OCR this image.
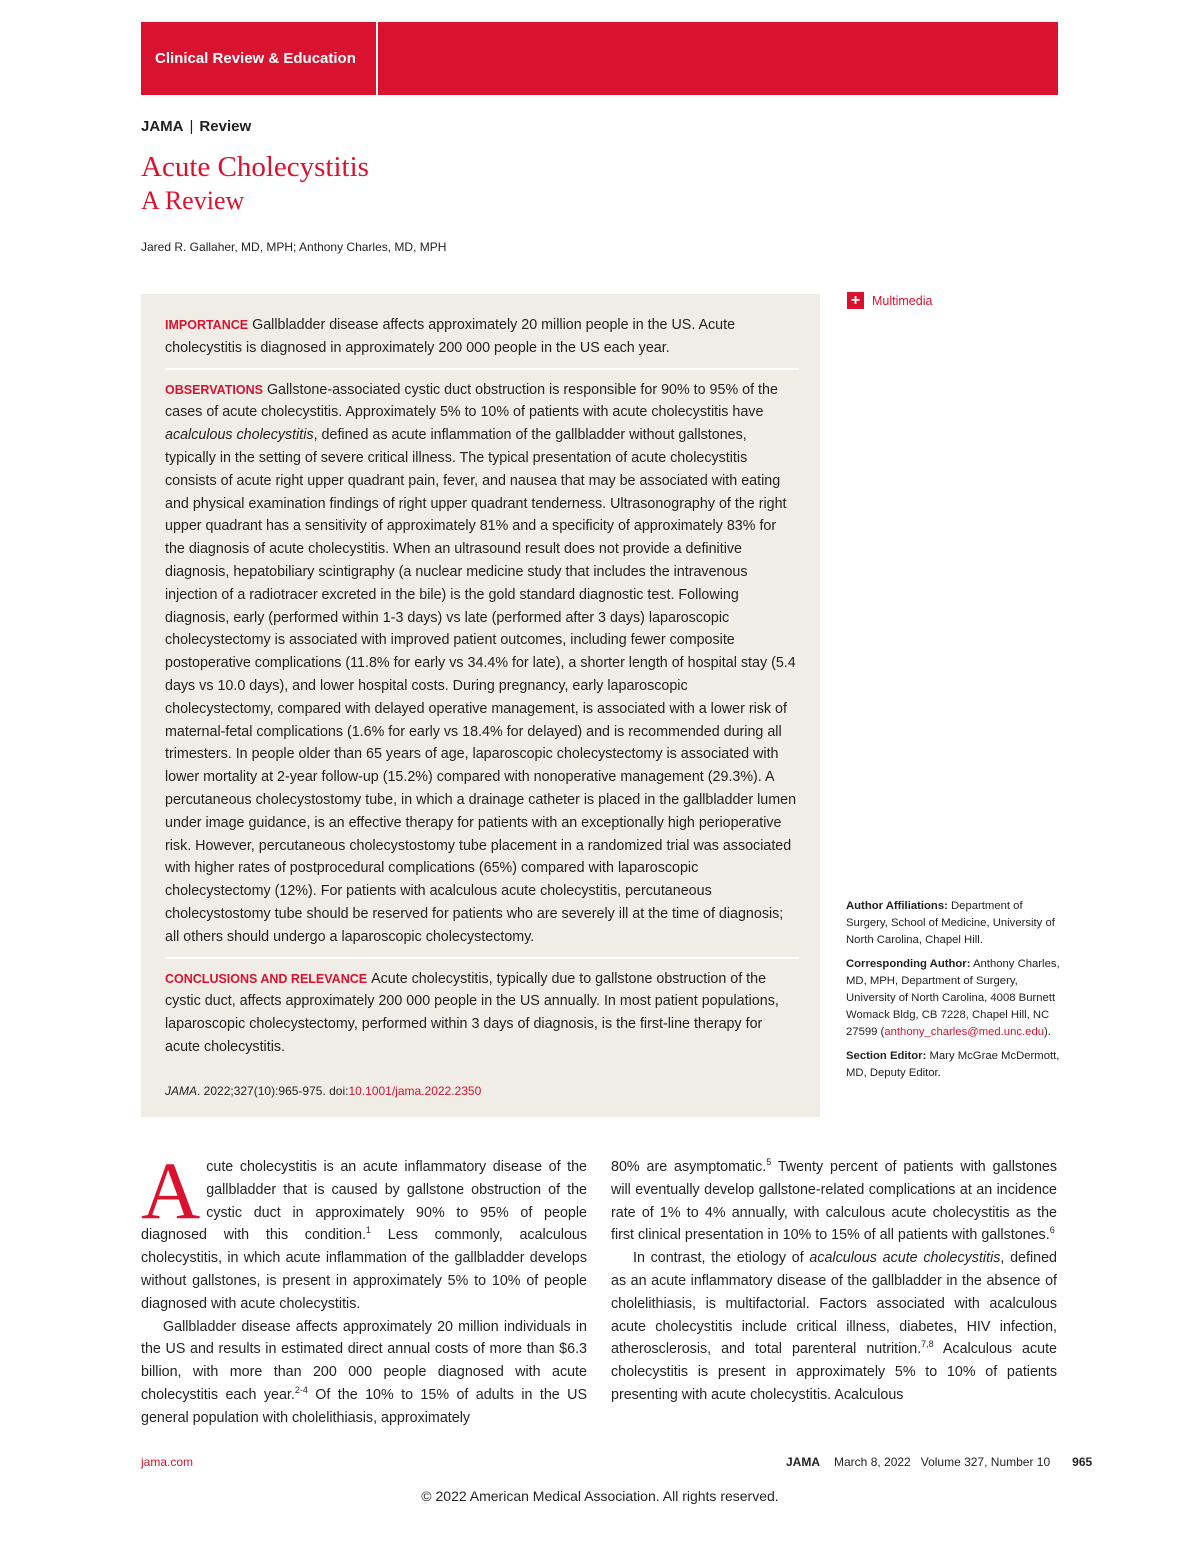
Clinical Review & Education
JAMA | Review
Acute Cholecystitis
A Review
Jared R. Gallaher, MD, MPH; Anthony Charles, MD, MPH

IMPORTANCE Gallbladder disease affects approximately 20 million people in the US. Acute cholecystitis is diagnosed in approximately 200 000 people in the US each year.

OBSERVATIONS Gallstone-associated cystic duct obstruction is responsible for 90% to 95% of the cases of acute cholecystitis. Approximately 5% to 10% of patients with acute cholecystitis have acalculous cholecystitis, defined as acute inflammation of the gallbladder without gallstones, typically in the setting of severe critical illness. The typical presentation of acute cholecystitis consists of acute right upper quadrant pain, fever, and nausea that may be associated with eating and physical examination findings of right upper quadrant tenderness. Ultrasonography of the right upper quadrant has a sensitivity of approximately 81% and a specificity of approximately 83% for the diagnosis of acute cholecystitis. When an ultrasound result does not provide a definitive diagnosis, hepatobiliary scintigraphy (a nuclear medicine study that includes the intravenous injection of a radiotracer excreted in the bile) is the gold standard diagnostic test. Following diagnosis, early (performed within 1-3 days) vs late (performed after 3 days) laparoscopic cholecystectomy is associated with improved patient outcomes, including fewer composite postoperative complications (11.8% for early vs 34.4% for late), a shorter length of hospital stay (5.4 days vs 10.0 days), and lower hospital costs. During pregnancy, early laparoscopic cholecystectomy, compared with delayed operative management, is associated with a lower risk of maternal-fetal complications (1.6% for early vs 18.4% for delayed) and is recommended during all trimesters. In people older than 65 years of age, laparoscopic cholecystectomy is associated with lower mortality at 2-year follow-up (15.2%) compared with nonoperative management (29.3%). A percutaneous cholecystostomy tube, in which a drainage catheter is placed in the gallbladder lumen under image guidance, is an effective therapy for patients with an exceptionally high perioperative risk. However, percutaneous cholecystostomy tube placement in a randomized trial was associated with higher rates of postprocedural complications (65%) compared with laparoscopic cholecystectomy (12%). For patients with acalculous acute cholecystitis, percutaneous cholecystostomy tube should be reserved for patients who are severely ill at the time of diagnosis; all others should undergo a laparoscopic cholecystectomy.

CONCLUSIONS AND RELEVANCE Acute cholecystitis, typically due to gallstone obstruction of the cystic duct, affects approximately 200 000 people in the US annually. In most patient populations, laparoscopic cholecystectomy, performed within 3 days of diagnosis, is the first-line therapy for acute cholecystitis.

JAMA. 2022;327(10):965-975. doi:10.1001/jama.2022.2350
+ Multimedia

Author Affiliations: Department of Surgery, School of Medicine, University of North Carolina, Chapel Hill.

Corresponding Author: Anthony Charles, MD, MPH, Department of Surgery, University of North Carolina, 4008 Burnett Womack Bldg, CB 7228, Chapel Hill, NC 27599 (anthony_charles@med.unc.edu).

Section Editor: Mary McGrae McDermott, MD, Deputy Editor.

Acute cholecystitis is an acute inflammatory disease of the gallbladder that is caused by gallstone obstruction of the cystic duct in approximately 90% to 95% of people diagnosed with this condition.$^1$ Less commonly, acalculous cholecystitis, in which acute inflammation of the gallbladder develops without gallstones, is present in approximately 5% to 10% of people diagnosed with acute cholecystitis.

Gallbladder disease affects approximately 20 million individuals in the US and results in estimated direct annual costs of more than $6.3 billion, with more than 200 000 people diagnosed with acute cholecystitis each year.$^{2-4}$ Of the 10% to 15% of adults in the US general population with cholelithiasis, approximately

80% are asymptomatic.$^5$ Twenty percent of patients with gallstones will eventually develop gallstone-related complications at an incidence rate of 1% to 4% annually, with calculous acute cholecystitis as the first clinical presentation in 10% to 15% of all patients with gallstones.$^6$

In contrast, the etiology of acalculous acute cholecystitis, defined as an acute inflammatory disease of the gallbladder in the absence of cholelithiasis, is multifactorial. Factors associated with acalculous acute cholecystitis include critical illness, diabetes, HIV infection, atherosclerosis, and total parenteral nutrition.$^{7,8}$ Acalculous acute cholecystitis is present in approximately 5% to 10% of patients presenting with acute cholecystitis. Acalculous

jama.com	JAMA March 8, 2022   Volume 327, Number 10 965
© 2022 American Medical Association. All rights reserved.
